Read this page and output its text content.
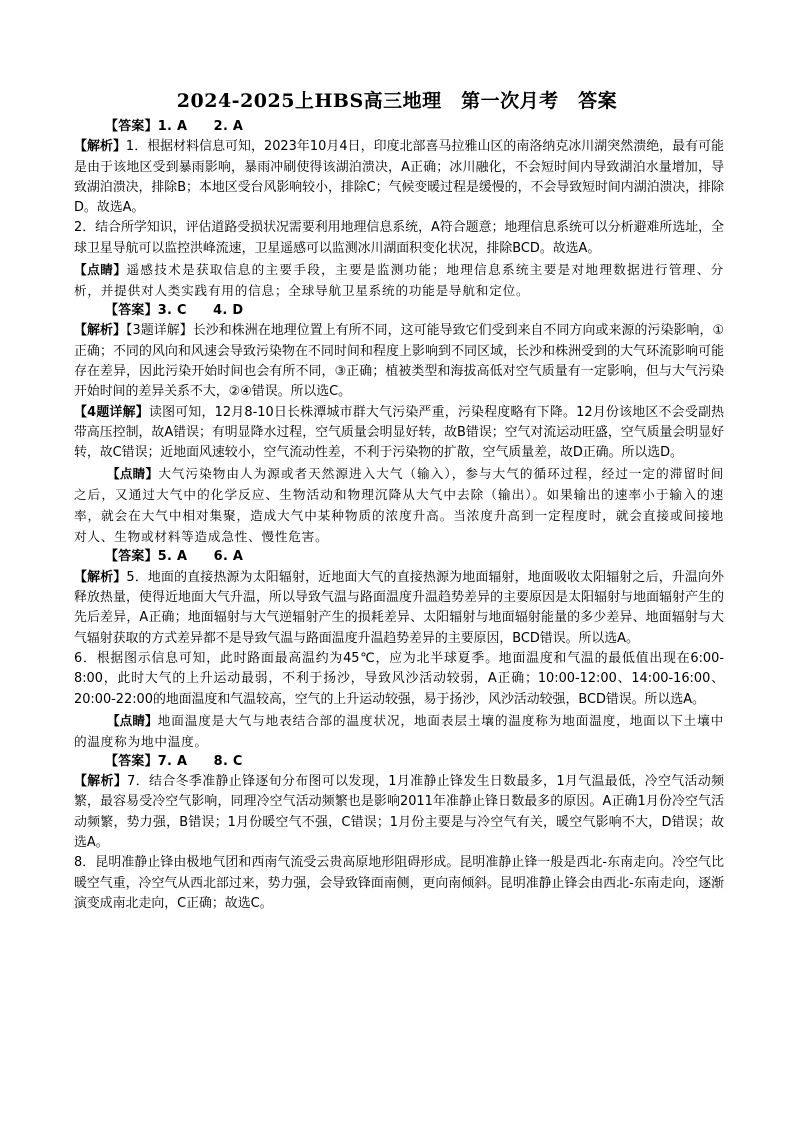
2024-2025上HBS高三地理　第一次月考　答案

【答案】1. A　　2. A

【解析】1．根据材料信息可知，2023年10月4日，印度北部喜马拉雅山区的南洛纳克冰川湖突然溃绝，最有可能是由于该地区受到暴雨影响，暴雨冲刷使得该湖泊溃决，A正确；冰川融化，不会短时间内导致湖泊水量增加，导致湖泊溃决，排除B；本地区受台风影响较小，排除C；气候变暖过程是缓慢的，不会导致短时间内湖泊溃决，排除D。故选A。

2．结合所学知识，评估道路受损状况需要利用地理信息系统，A符合题意；地理信息系统可以分析避难所选址，全球卫星导航可以监控洪峰流速，卫星遥感可以监测冰川湖面积变化状况，排除BCD。故选A。

【点睛】遥感技术是获取信息的主要手段，主要是监测功能；地理信息系统主要是对地理数据进行管理、分析，并提供对人类实践有用的信息；全球导航卫星系统的功能是导航和定位。

【答案】3. C　　4. D

【解析】【3题详解】长沙和株洲在地理位置上有所不同，这可能导致它们受到来自不同方向或来源的污染影响，①正确；不同的风向和风速会导致污染物在不同时间和程度上影响到不同区域，长沙和株洲受到的大气环流影响可能存在差异，因此污染开始时间也会有所不同，③正确；植被类型和海拔高低对空气质量有一定影响，但与大气污染开始时间的差异关系不大，②④错误。所以选C。

【4题详解】读图可知，12月8-10日长株潭城市群大气污染严重，污染程度略有下降。12月份该地区不会受副热带高压控制，故A错误；有明显降水过程，空气质量会明显好转，故B错误；空气对流运动旺盛，空气质量会明显好转，故C错误；近地面风速较小，空气流动性差，不利于污染物的扩散，空气质量差，故D正确。所以选D。

【点睛】大气污染物由人为源或者天然源进入大气（输入），参与大气的循环过程，经过一定的滞留时间之后，又通过大气中的化学反应、生物活动和物理沉降从大气中去除（输出）。如果输出的速率小于输入的速率，就会在大气中相对集聚，造成大气中某种物质的浓度升高。当浓度升高到一定程度时，就会直接或间接地对人、生物或材料等造成急性、慢性危害。

【答案】5. A　　6. A

【解析】5．地面的直接热源为太阳辐射，近地面大气的直接热源为地面辐射，地面吸收太阳辐射之后，升温向外释放热量，使得近地面大气升温，所以导致气温与路面温度升温趋势差异的主要原因是太阳辐射与地面辐射产生的先后差异，A正确；地面辐射与大气逆辐射产生的损耗差异、太阳辐射与地面辐射能量的多少差异、地面辐射与大气辐射获取的方式差异都不是导致气温与路面温度升温趋势差异的主要原因，BCD错误。所以选A。

6．根据图示信息可知，此时路面最高温约为45℃，应为北半球夏季。地面温度和气温的最低值出现在6:00-8:00，此时大气的上升运动最弱，不利于扬沙，导致风沙活动较弱，A正确；10:00-12:00、14:00-16:00、20:00-22:00的地面温度和气温较高，空气的上升运动较强，易于扬沙，风沙活动较强，BCD错误。所以选A。

【点睛】地面温度是大气与地表结合部的温度状况，地面表层土壤的温度称为地面温度，地面以下土壤中的温度称为地中温度。

【答案】7. A　　8. C

【解析】7．结合冬季准静止锋逐旬分布图可以发现，1月准静止锋发生日数最多，1月气温最低，冷空气活动频繁，最容易受冷空气影响，同理冷空气活动频繁也是影响2011年准静止锋日数最多的原因。A正确1月份冷空气活动频繁，势力强，B错误；1月份暖空气不强，C错误；1月份主要是与冷空气有关，暖空气影响不大，D错误；故选A。

8．昆明准静止锋由极地气团和西南气流受云贵高原地形阻碍形成。昆明准静止锋一般是西北-东南走向。冷空气比暖空气重，冷空气从西北部过来，势力强，会导致锋面南侧，更向南倾斜。昆明准静止锋会由西北-东南走向，逐渐演变成南北走向，C正确；故选C。
